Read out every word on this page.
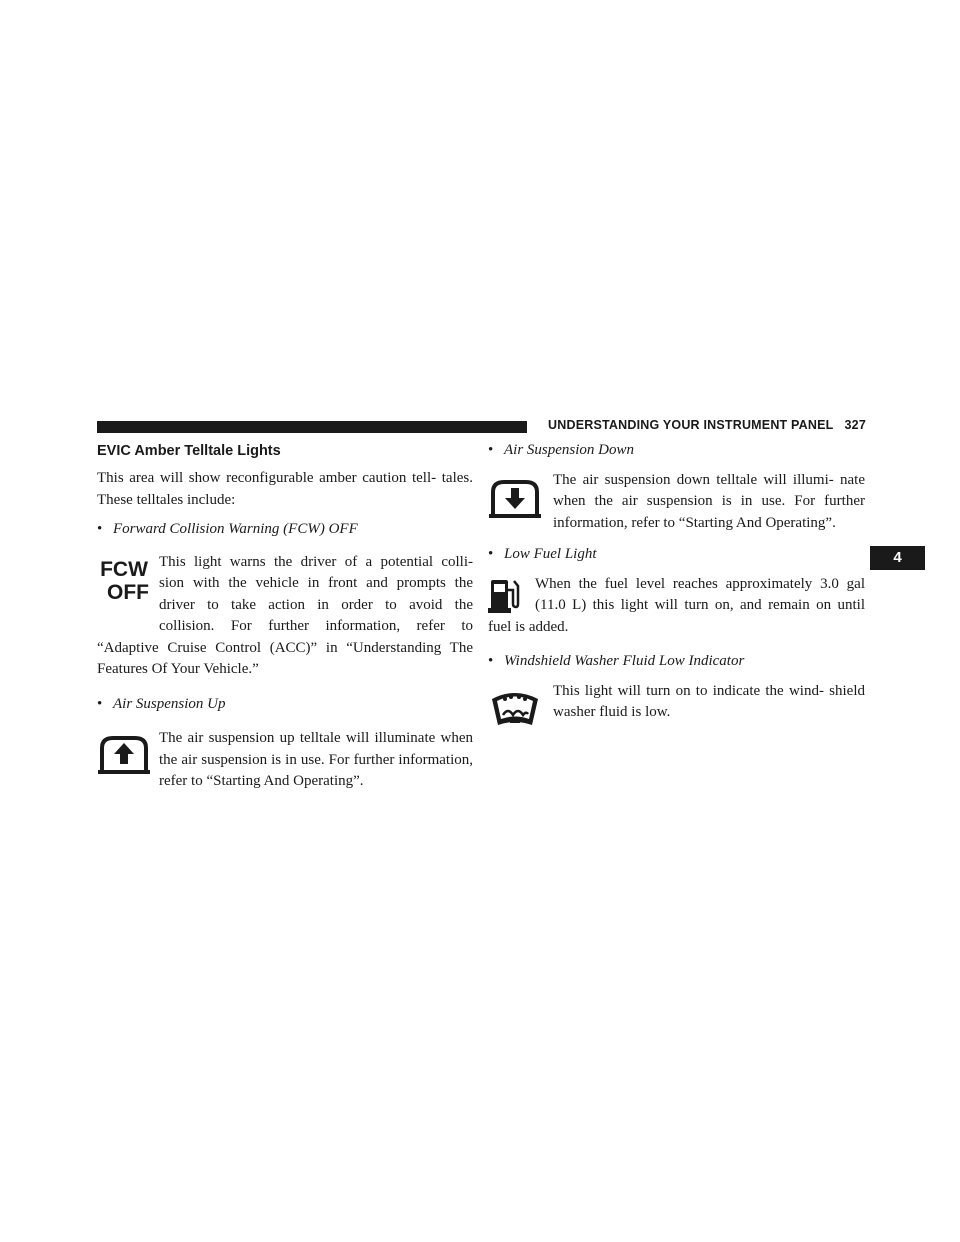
UNDERSTANDING YOUR INSTRUMENT PANEL 327
4
EVIC Amber Telltale Lights

This area will show reconfigurable amber caution tell- tales. These telltales include:

• Forward Collision Warning (FCW) OFF
FCW
OFF
This light warns the driver of a potential colli-
sion with the vehicle in front and prompts the
driver to take action in order to avoid the
collision. For further information, refer to

“Adaptive Cruise Control (ACC)” in “Understanding The Features Of Your Vehicle.”

• Air Suspension Up

The air suspension up telltale will illuminate when the air suspension is in use. For further information, refer to “Starting And Operating”.

• Air Suspension Down

The air suspension down telltale will illumi- nate when the air suspension is in use. For further information, refer to “Starting And Operating”.

• Low Fuel Light
When the fuel level reaches approximately 3.0 gal
(11.0 L) this light will turn on, and remain on until

fuel is added.

• Windshield Washer Fluid Low Indicator

This light will turn on to indicate the wind- shield washer fluid is low.
